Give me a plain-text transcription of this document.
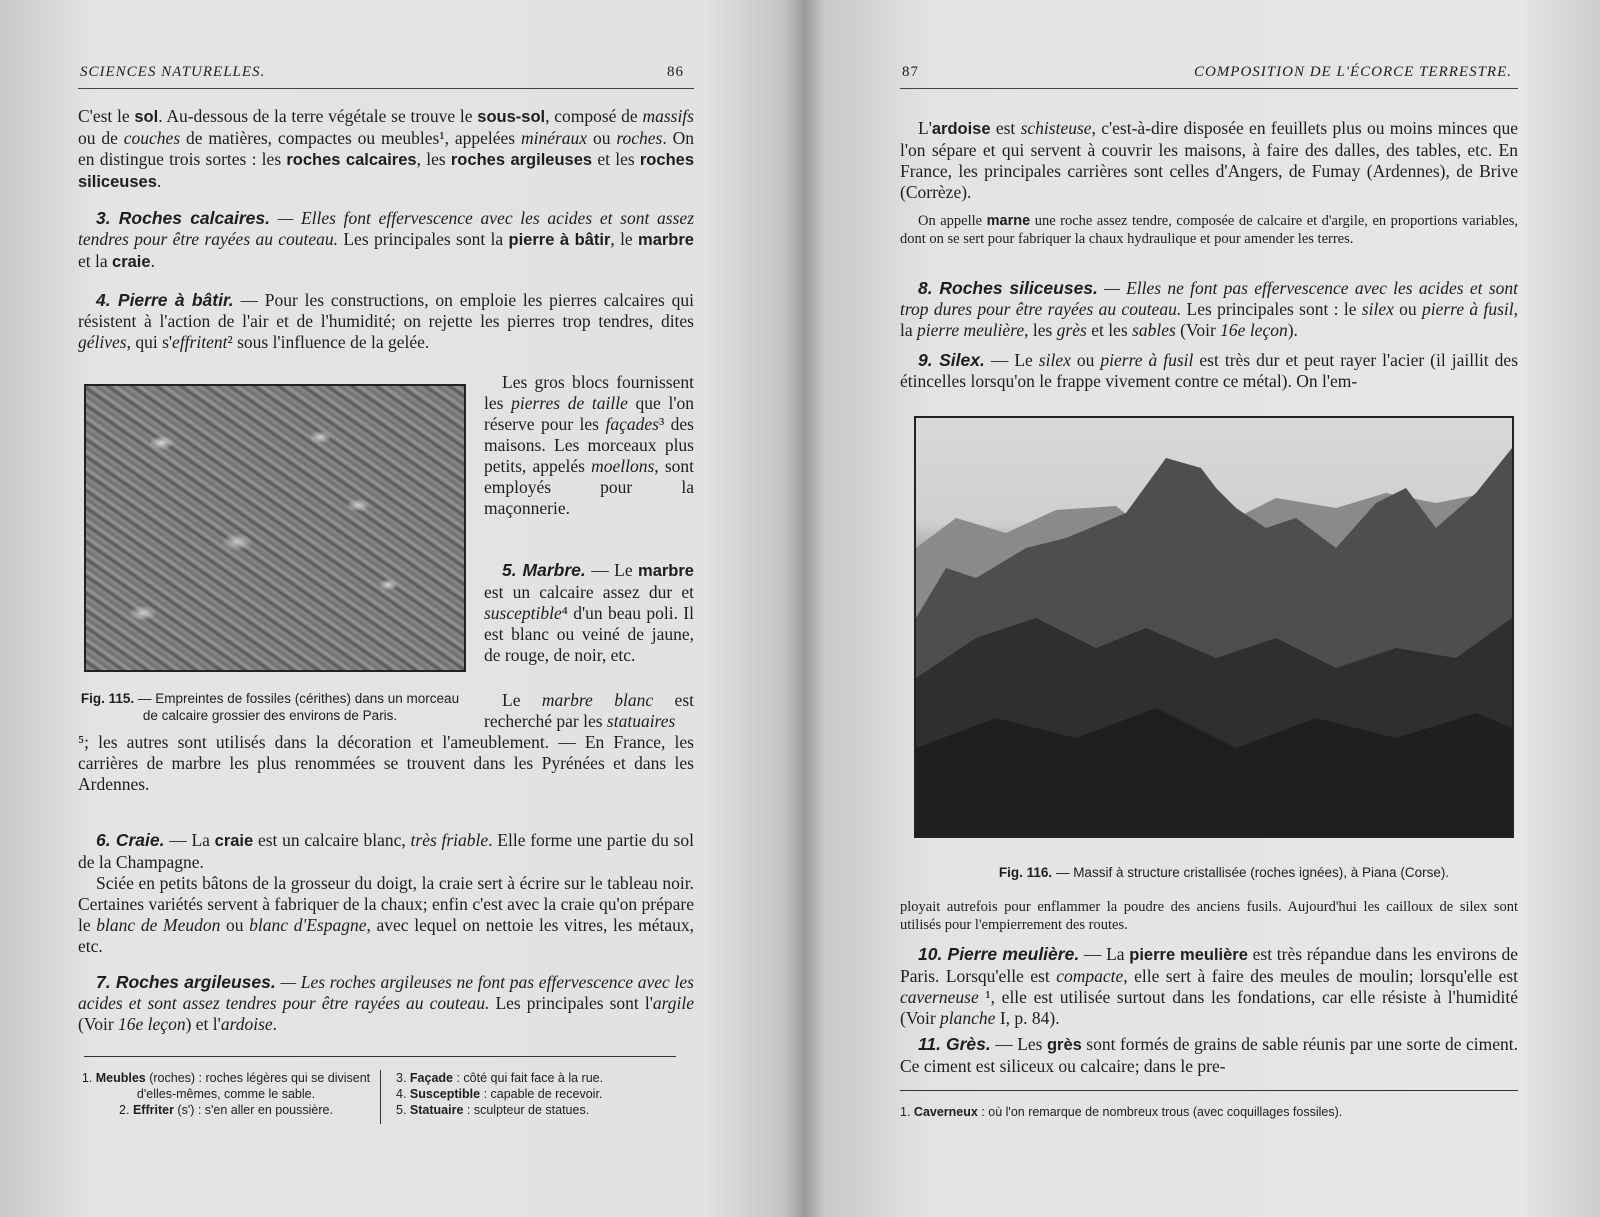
SCIENCES NATURELLES.	86

C'est le sol. Au-dessous de la terre végétale se trouve le sous-sol, composé de massifs ou de couches de matières, compactes ou meubles¹, appelées minéraux ou roches. On en distingue trois sortes : les roches calcaires, les roches argileuses et les roches siliceuses.

3. Roches calcaires. — Elles font effervescence avec les acides et sont assez tendres pour être rayées au couteau. Les principales sont la pierre à bâtir, le marbre et la craie.

4. Pierre à bâtir. — Pour les constructions, on emploie les pierres calcaires qui résistent à l'action de l'air et de l'humidité; on rejette les pierres trop tendres, dites gélives, qui s'effritent² sous l'influence de la gelée.

Les gros blocs fournissent les pierres de taille que l'on réserve pour les façades³ des maisons. Les morceaux plus petits, appelés moellons, sont employés pour la maçonnerie.

5. Marbre. — Le marbre est un calcaire assez dur et susceptible⁴ d'un beau poli. Il est blanc ou veiné de jaune, de rouge, de noir, etc.

Fig. 115. — Empreintes de fossiles (cérithes) dans un morceau de calcaire grossier des environs de Paris.

Le marbre blanc est recherché par les statuaires

⁵; les autres sont utilisés dans la décoration et l'ameublement. — En France, les carrières de marbre les plus renommées se trouvent dans les Pyrénées et dans les Ardennes.

6. Craie. — La craie est un calcaire blanc, très friable. Elle forme une partie du sol de la Champagne.

Sciée en petits bâtons de la grosseur du doigt, la craie sert à écrire sur le tableau noir. Certaines variétés servent à fabriquer de la chaux; enfin c'est avec la craie qu'on prépare le blanc de Meudon ou blanc d'Espagne, avec lequel on nettoie les vitres, les métaux, etc.

7. Roches argileuses. — Les roches argileuses ne font pas effervescence avec les acides et sont assez tendres pour être rayées au couteau. Les principales sont l'argile (Voir 16e leçon) et l'ardoise.

1. Meubles (roches) : roches légères qui se divisent d'elles-mêmes, comme le sable.

2. Effriter (s') : s'en aller en poussière.

3. Façade : côté qui fait face à la rue.

4. Susceptible : capable de recevoir.

5. Statuaire : sculpteur de statues.

87	COMPOSITION DE L'ÉCORCE TERRESTRE.

L'ardoise est schisteuse, c'est-à-dire disposée en feuillets plus ou moins minces que l'on sépare et qui servent à couvrir les maisons, à faire des dalles, des tables, etc. En France, les principales carrières sont celles d'Angers, de Fumay (Ardennes), de Brive (Corrèze).

On appelle marne une roche assez tendre, composée de calcaire et d'argile, en proportions variables, dont on se sert pour fabriquer la chaux hydraulique et pour amender les terres.

8. Roches siliceuses. — Elles ne font pas effervescence avec les acides et sont trop dures pour être rayées au couteau. Les principales sont : le silex ou pierre à fusil, la pierre meulière, les grès et les sables (Voir 16e leçon).

9. Silex. — Le silex ou pierre à fusil est très dur et peut rayer l'acier (il jaillit des étincelles lorsqu'on le frappe vivement contre ce métal). On l'em-

Fig. 116. — Massif à structure cristallisée (roches ignées), à Piana (Corse).

ployait autrefois pour enflammer la poudre des anciens fusils. Aujourd'hui les cailloux de silex sont utilisés pour l'empierrement des routes.

10. Pierre meulière. — La pierre meulière est très répandue dans les environs de Paris. Lorsqu'elle est compacte, elle sert à faire des meules de moulin; lorsqu'elle est caverneuse ¹, elle est utilisée surtout dans les fondations, car elle résiste à l'humidité (Voir planche I, p. 84).

11. Grès. — Les grès sont formés de grains de sable réunis par une sorte de ciment. Ce ciment est siliceux ou calcaire; dans le pre-

1. Caverneux : où l'on remarque de nombreux trous (avec coquillages fossiles).
